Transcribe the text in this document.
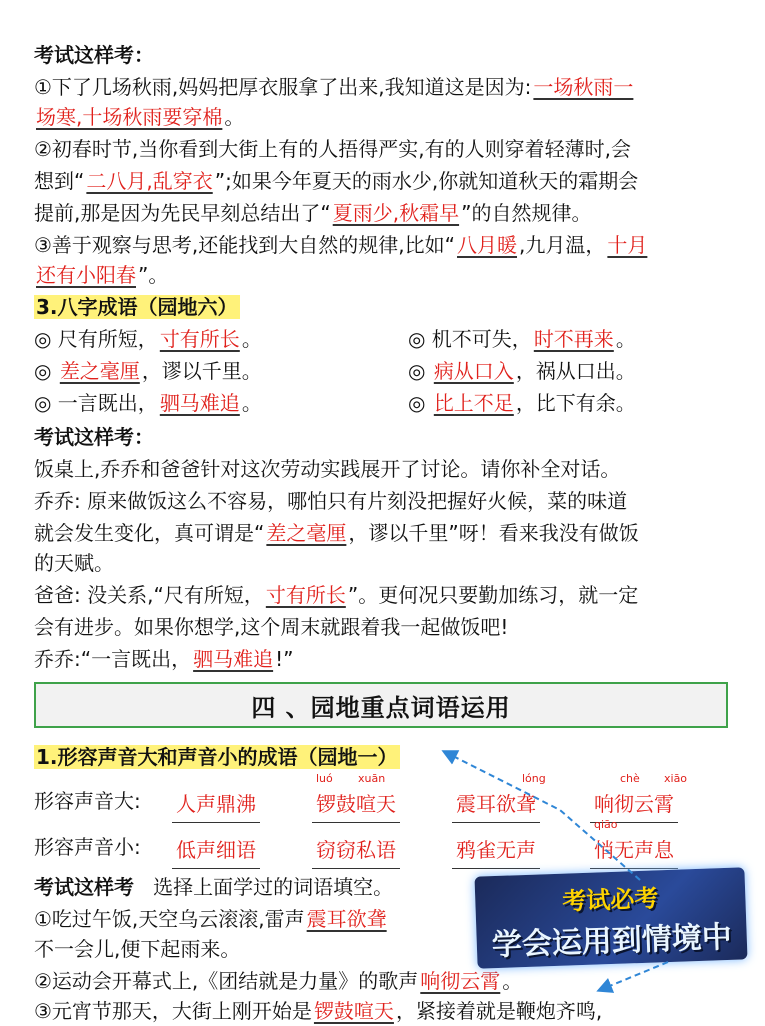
考试这样考：
①下了几场秋雨,妈妈把厚衣服拿了出来,我知道这是因为: 一场秋雨一
场寒,十场秋雨要穿棉 。
②初春时节,当你看到大街上有的人捂得严实,有的人则穿着轻薄时,会
想到“ 二八月,乱穿衣 ”;如果今年夏天的雨水少,你就知道秋天的霜期会
提前,那是因为先民早刻总结出了“ 夏雨少,秋霜早 ”的自然规律。
③善于观察与思考,还能找到大自然的规律,比如“ 八月暖 ,九月温， 十月
还有小阳春 ”。
3.八字成语（园地六）
◎ 尺有所短， 寸有所长 。	◎ 机不可失， 时不再来 。
◎ 差之毫厘 ，谬以千里。	◎ 病从口入 ，祸从口出。
◎ 一言既出， 驷马难追 。	◎ 比上不足 ，比下有余。
考试这样考：
饭桌上,乔乔和爸爸针对这次劳动实践展开了讨论。请你补全对话。
乔乔: 原来做饭这么不容易，哪怕只有片刻没把握好火候，菜的味道
就会发生变化，真可谓是“ 差之毫厘 ，谬以千里”呀！看来我没有做饭
的天赋。
爸爸: 没关系,“尺有所短， 寸有所长 ”。更何况只要勤加练习，就一定
会有进步。如果你想学,这个周末就跟着我一起做饭吧!
乔乔:“一言既出， 驷马难追 !”
四 、园地重点词语运用
1.形容声音大和声音小的成语（园地一）
形容声音大: 人声鼎沸	锣鼓喧天	震耳欲聋	响彻云霄
luó xuān	lóng	chè xiāo
形容声音小: 低声细语	窃窃私语	鸦雀无声	悄无声息
qiāo
考试这样考 选择上面学过的词语填空。
①吃过午饭,天空乌云滚滚,雷声 震耳欲聋
不一会儿,便下起雨来。
②运动会开幕式上,《团结就是力量》的歌声 响彻云霄 。
③元宵节那天，大街上刚开始是 锣鼓喧天 ，紧接着就是鞭炮齐鸣,
考试必考
学会运用到情境中
